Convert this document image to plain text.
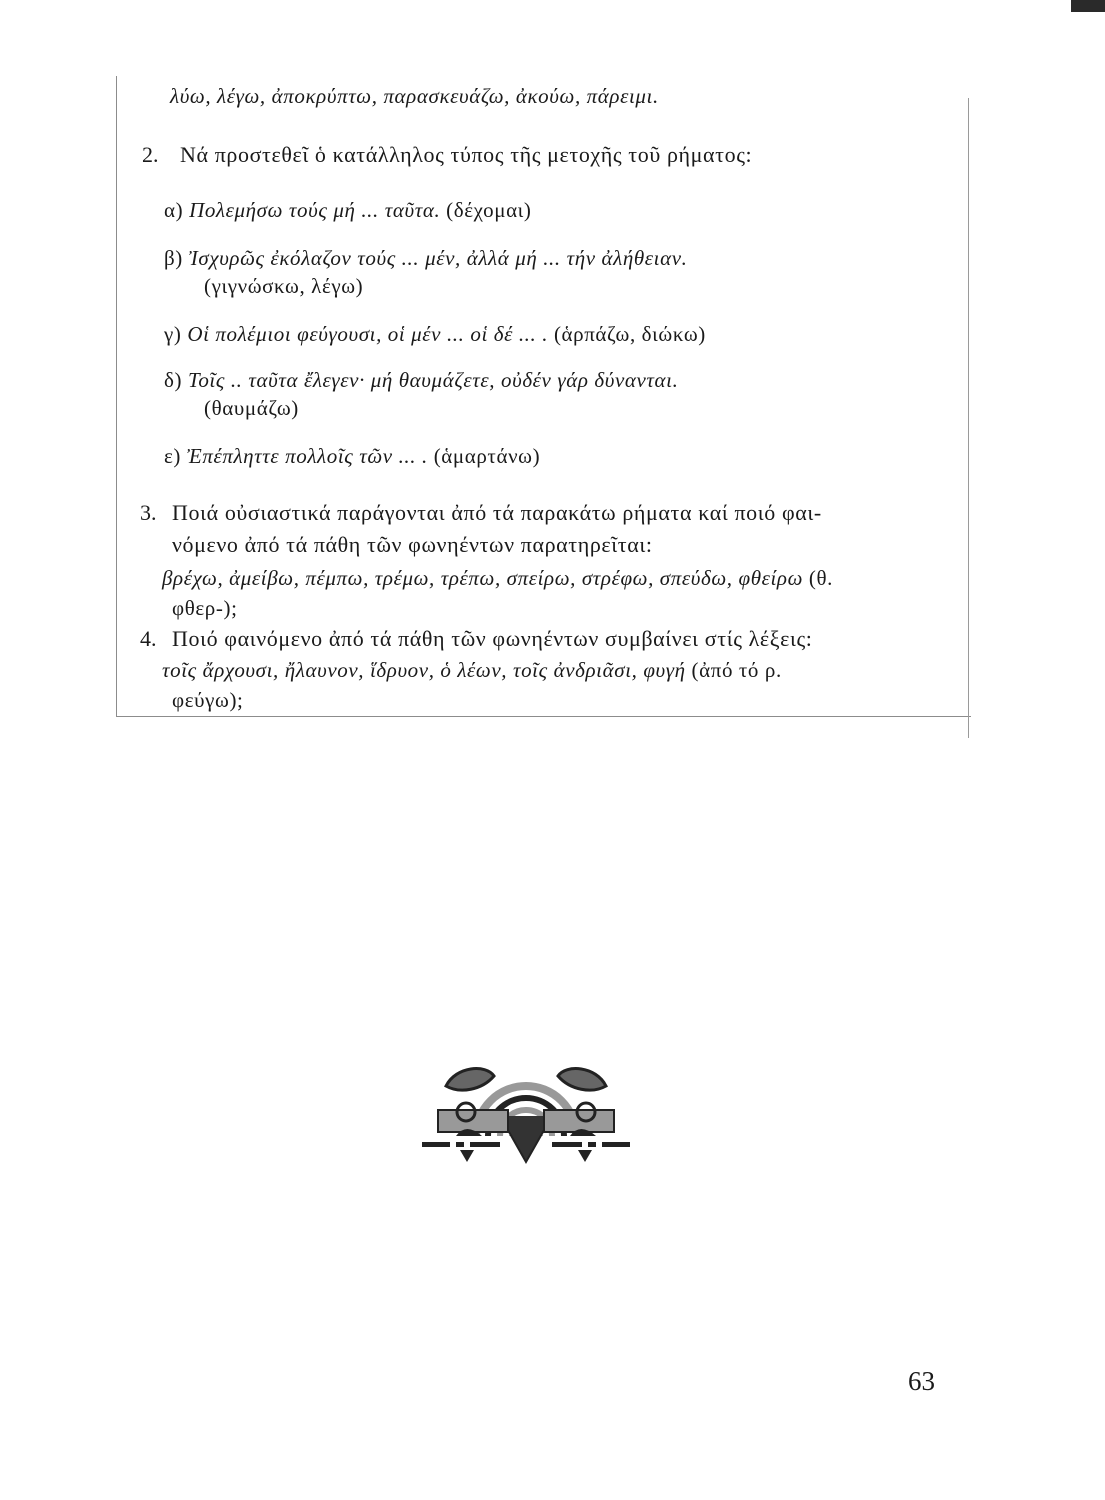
λύω, λέγω, ἀποκρύπτω, παρασκευάζω, ἀκούω, πάρειμι.
2. Νά προστεθεῖ ὁ κατάλληλος τύπος τῆς μετοχῆς τοῦ ρήματος:
α) Πολεμήσω τούς μή ... ταῦτα. (δέχομαι)
β) Ἰσχυρῶς ἐκόλαζον τούς ... μέν, ἀλλά μή ... τήν ἀλήθειαν.
(γιγνώσκω, λέγω)
γ) Οἱ πολέμιοι φεύγουσι, οἱ μέν ... οἱ δέ ... . (ἁρπάζω, διώκω)
δ) Τοῖς .. ταῦτα ἔλεγεν· μή θαυμάζετε, οὐδέν γάρ δύνανται.
(θαυμάζω)
ε) Ἐπέπληττε πολλοῖς τῶν ... . (ἁμαρτάνω)
3. Ποιά οὐσιαστικά παράγονται ἀπό τά παρακάτω ρήματα καί ποιό φαι-
νόμενο ἀπό τά πάθη τῶν φωνηέντων παρατηρεῖται:
βρέχω, ἀμείβω, πέμπω, τρέμω, τρέπω, σπείρω, στρέφω, σπεύδω, φθείρω (θ.
φθερ-);
4. Ποιό φαινόμενο ἀπό τά πάθη τῶν φωνηέντων συμβαίνει στίς λέξεις:
τοῖς ἄρχουσι, ἤλαυνον, ἵδρυον, ὁ λέων, τοῖς ἀνδριᾶσι, φυγή (ἀπό τό ρ.
φεύγω);
63
